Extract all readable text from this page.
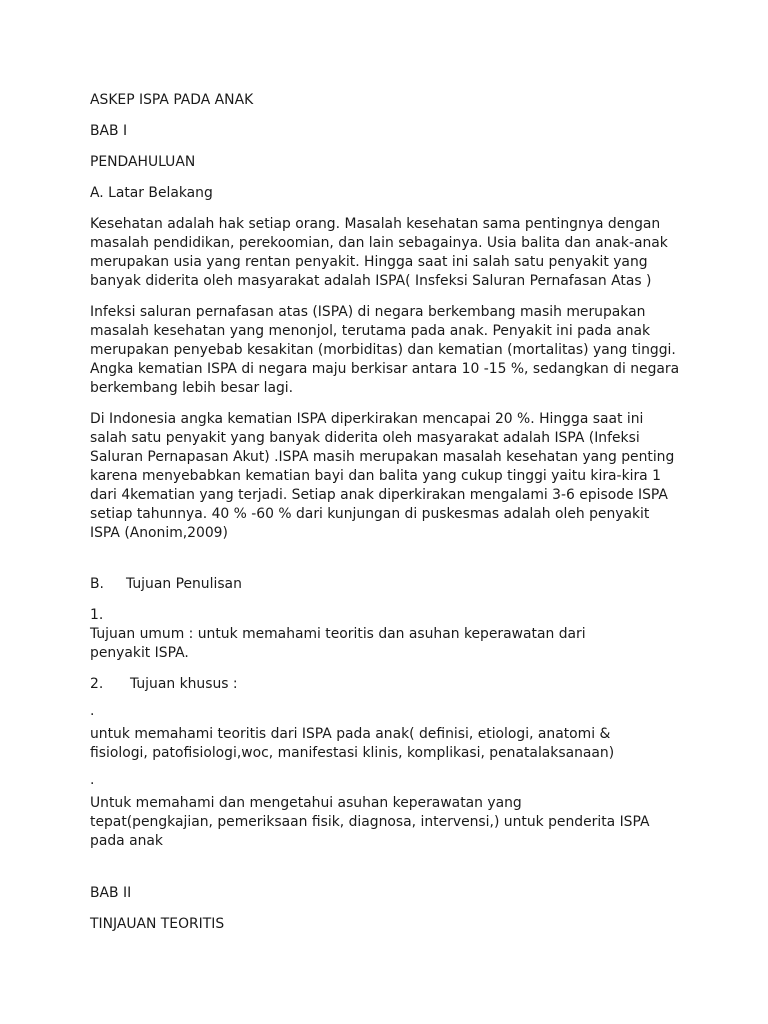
ASKEP ISPA PADA ANAK
BAB I
PENDAHULUAN
A. Latar Belakang
Kesehatan adalah hak setiap orang. Masalah kesehatan sama pentingnya dengan
masalah pendidikan, perekoomian, dan lain sebagainya. Usia balita dan anak-anak
merupakan usia yang rentan penyakit. Hingga saat ini salah satu penyakit yang
banyak diderita oleh masyarakat adalah ISPA( Insfeksi Saluran Pernafasan Atas )
Infeksi saluran pernafasan atas (ISPA) di negara berkembang masih merupakan
masalah kesehatan yang menonjol, terutama pada anak. Penyakit ini pada anak
merupakan penyebab kesakitan (morbiditas) dan kematian (mortalitas) yang tinggi.
Angka kematian ISPA di negara maju berkisar antara 10 -15 %, sedangkan di negara
berkembang lebih besar lagi.
Di Indonesia angka kematian ISPA diperkirakan mencapai 20 %. Hingga saat ini
salah satu penyakit yang banyak diderita oleh masyarakat adalah ISPA (Infeksi
Saluran Pernapasan Akut) .ISPA masih merupakan masalah kesehatan yang penting
karena menyebabkan kematian bayi dan balita yang cukup tinggi yaitu kira-kira 1
dari 4kematian yang terjadi. Setiap anak diperkirakan mengalami 3-6 episode ISPA
setiap tahunnya. 40 % -60 % dari kunjungan di puskesmas adalah oleh penyakit
ISPA (Anonim,2009)
B. Tujuan Penulisan
1.
Tujuan umum : untuk memahami teoritis dan asuhan keperawatan dari
penyakit ISPA.
2. Tujuan khusus :
·
untuk memahami teoritis dari ISPA pada anak( definisi, etiologi, anatomi &
fisiologi, patofisiologi,woc, manifestasi klinis, komplikasi, penatalaksanaan)
·
Untuk memahami dan mengetahui asuhan keperawatan yang
tepat(pengkajian, pemeriksaan fisik, diagnosa, intervensi,) untuk penderita ISPA
pada anak
BAB II
TINJAUAN TEORITIS
